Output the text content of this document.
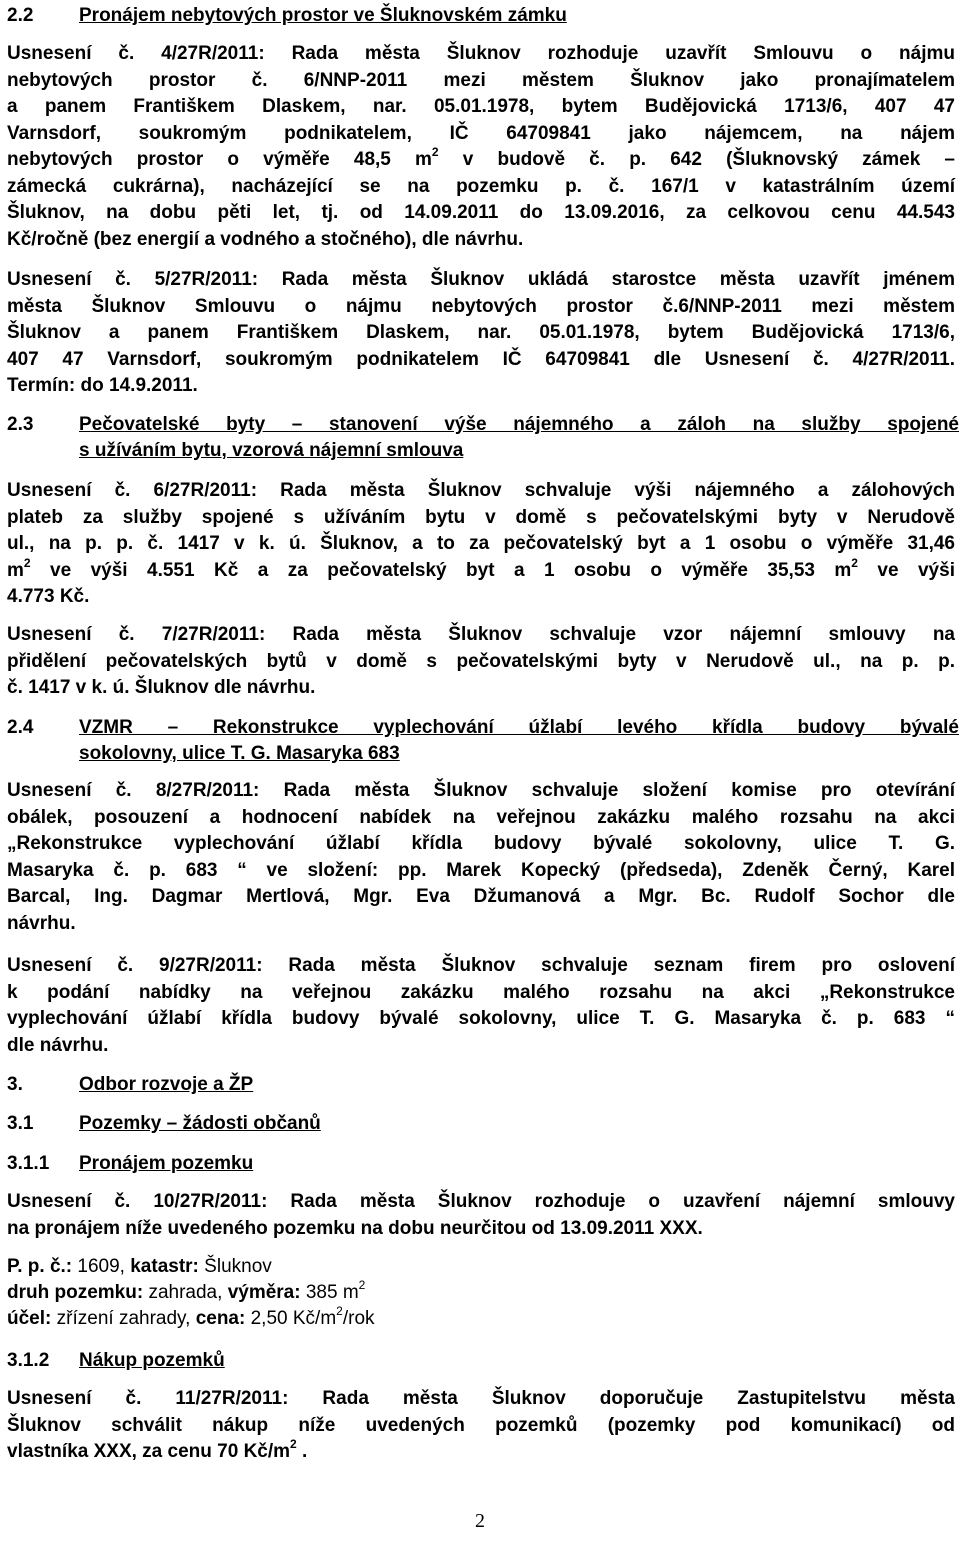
2.2 Pronájem nebytových prostor ve Šluknovském zámku
Usnesení č. 4/27R/2011: Rada města Šluknov rozhoduje uzavřít Smlouvu o nájmu
nebytových prostor č. 6/NNP-2011 mezi městem Šluknov jako pronajímatelem
a panem Františkem Dlaskem, nar. 05.01.1978, bytem Budějovická 1713/6, 407 47
Varnsdorf, soukromým podnikatelem, IČ 64709841 jako nájemcem, na nájem
nebytových prostor o výměře 48,5 $m^2$ v budově č. p. 642 (Šluknovský zámek –
zámecká cukrárna), nacházející se na pozemku p. č. 167/1 v katastrálním území
Šluknov, na dobu pěti let, tj. od 14.09.2011 do 13.09.2016, za celkovou cenu 44.543
Kč/ročně (bez energií a vodného a stočného), dle návrhu.
Usnesení č. 5/27R/2011: Rada města Šluknov ukládá starostce města uzavřít jménem
města Šluknov Smlouvu o nájmu nebytových prostor č.6/NNP-2011 mezi městem
Šluknov a panem Františkem Dlaskem, nar. 05.01.1978, bytem Budějovická 1713/6,
407 47 Varnsdorf, soukromým podnikatelem IČ 64709841 dle Usnesení č. 4/27R/2011.
Termín: do 14.9.2011.
2.3 Pečovatelské byty – stanovení výše nájemného a záloh na služby spojené
s užíváním bytu, vzorová nájemní smlouva
Usnesení č. 6/27R/2011: Rada města Šluknov schvaluje výši nájemného a zálohových
plateb za služby spojené s užíváním bytu v domě s pečovatelskými byty v Nerudově
ul., na p. p. č. 1417 v k. ú. Šluknov, a to za pečovatelský byt a 1 osobu o výměře 31,46
$m^2$ ve výši 4.551 Kč a za pečovatelský byt a 1 osobu o výměře 35,53 $m^2$ ve výši
4.773 Kč.
Usnesení č. 7/27R/2011: Rada města Šluknov schvaluje vzor nájemní smlouvy na
přidělení pečovatelských bytů v domě s pečovatelskými byty v Nerudově ul., na p. p.
č. 1417 v k. ú. Šluknov dle návrhu.
2.4 VZMR – Rekonstrukce vyplechování úžlabí levého křídla budovy bývalé
sokolovny, ulice T. G. Masaryka 683
Usnesení č. 8/27R/2011: Rada města Šluknov schvaluje složení komise pro otevírání
obálek, posouzení a hodnocení nabídek na veřejnou zakázku malého rozsahu na akci
„Rekonstrukce vyplechování úžlabí křídla budovy bývalé sokolovny, ulice T. G.
Masaryka č. p. 683 “ ve složení: pp. Marek Kopecký (předseda), Zdeněk Černý, Karel
Barcal, Ing. Dagmar Mertlová, Mgr. Eva Džumanová a Mgr. Bc. Rudolf Sochor dle
návrhu.
Usnesení č. 9/27R/2011: Rada města Šluknov schvaluje seznam firem pro oslovení
k podání nabídky na veřejnou zakázku malého rozsahu na akci „Rekonstrukce
vyplechování úžlabí křídla budovy bývalé sokolovny, ulice T. G. Masaryka č. p. 683 “
dle návrhu.
3.	Odbor rozvoje a ŽP
3.1 Pozemky – žádosti občanů
3.1.1 Pronájem pozemku
Usnesení č. 10/27R/2011: Rada města Šluknov rozhoduje o uzavření nájemní smlouvy
na pronájem níže uvedeného pozemku na dobu neurčitou od 13.09.2011 XXX.
P. p. č.: 1609, katastr: Šluknov
druh pozemku: zahrada, výměra: 385 $m^2$
účel: zřízení zahrady, cena: 2,50 $Kč/m^2$/rok
3.1.2 Nákup pozemků
Usnesení č. 11/27R/2011: Rada města Šluknov doporučuje Zastupitelstvu města
Šluknov schválit nákup níže uvedených pozemků (pozemky pod komunikací) od
vlastníka XXX, za cenu 70 $Kč/m^2$ .
2
